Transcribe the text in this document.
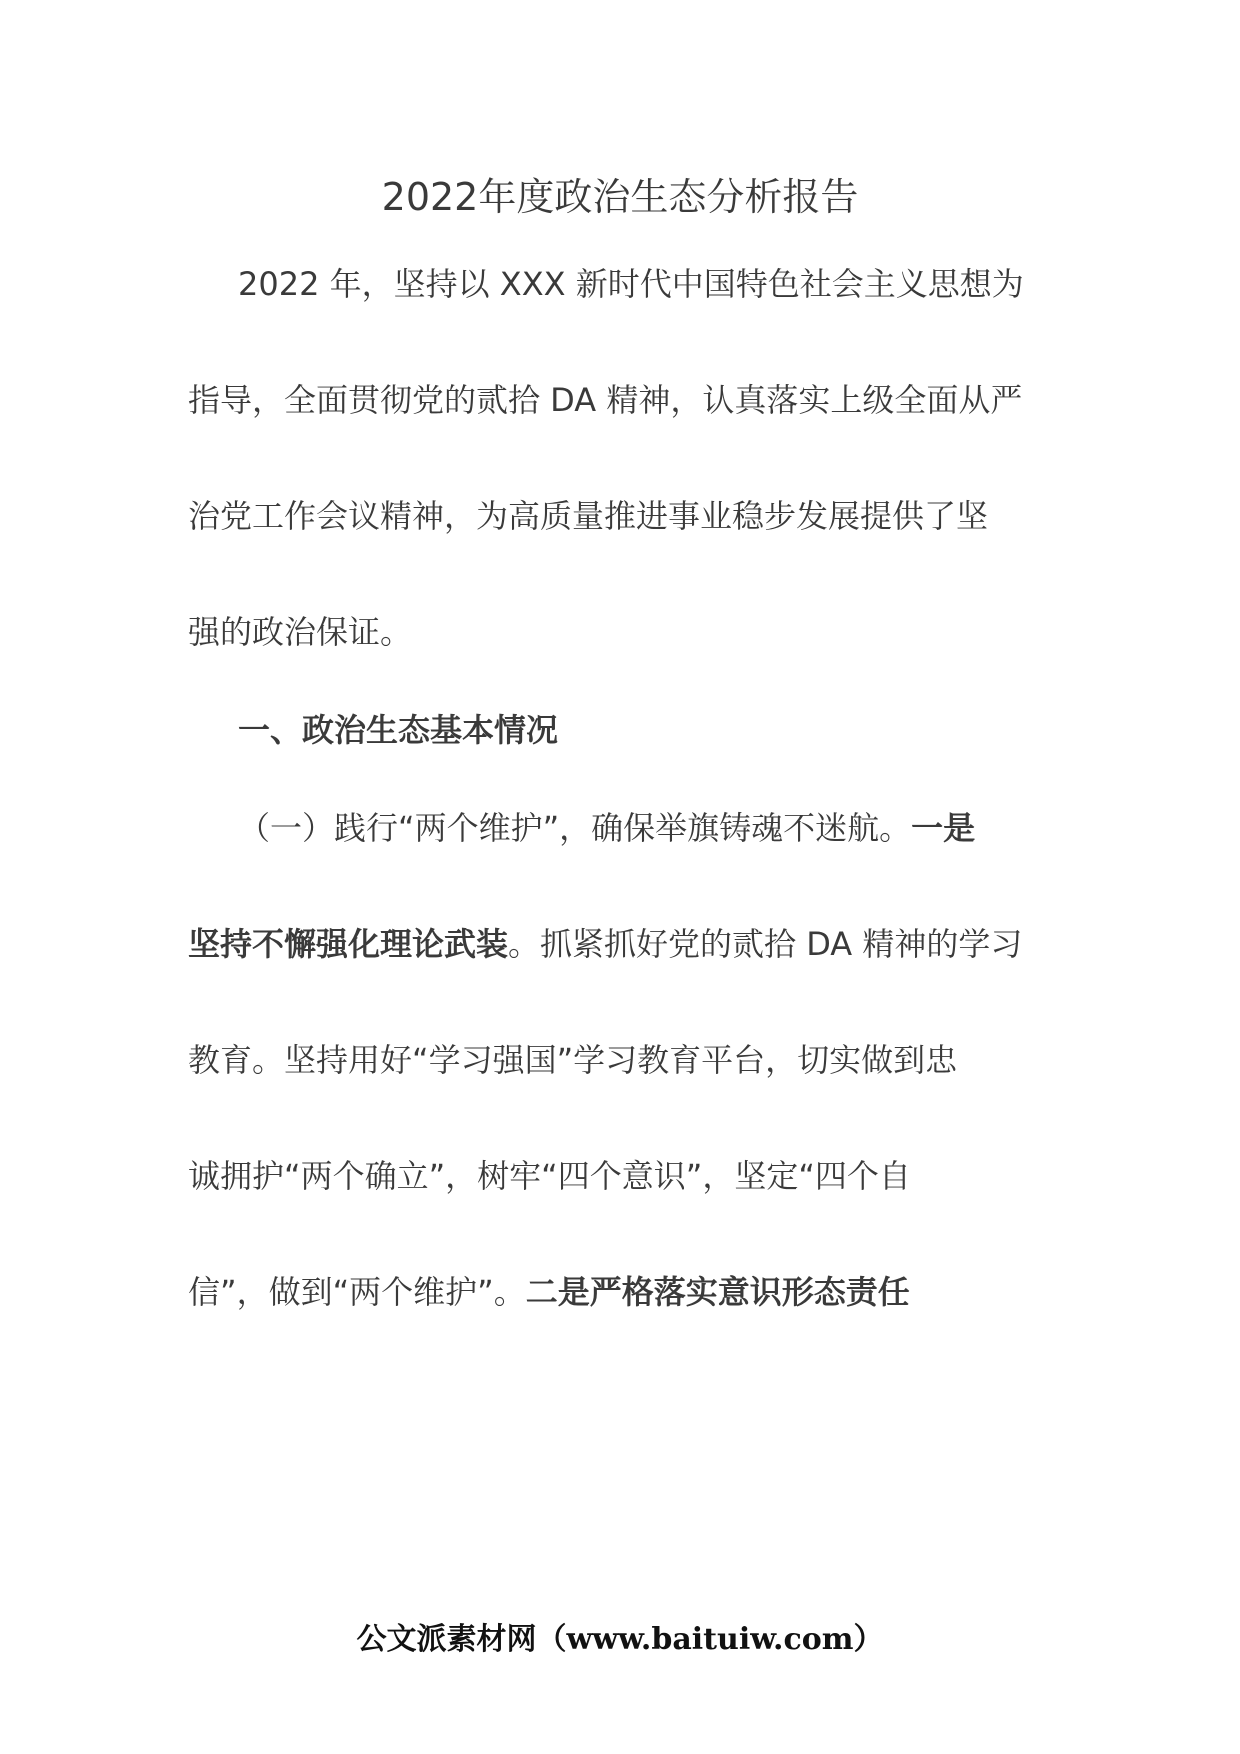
2022年度政治生态分析报告
2022 年，坚持以 XXX 新时代中国特色社会主义思想为
指导，全面贯彻党的贰拾 DA 精神，认真落实上级全面从严
治党工作会议精神，为高质量推进事业稳步发展提供了坚
强的政治保证。
一、政治生态基本情况
（一）践行“两个维护”，确保举旗铸魂不迷航。一是
坚持不懈强化理论武装。抓紧抓好党的贰拾 DA 精神的学习
教育。坚持用好“学习强国”学习教育平台，切实做到忠
诚拥护“两个确立”，树牢“四个意识”，坚定“四个自
信”，做到“两个维护”。二是严格落实意识形态责任
公文派素材网（www.baituiw.com）
